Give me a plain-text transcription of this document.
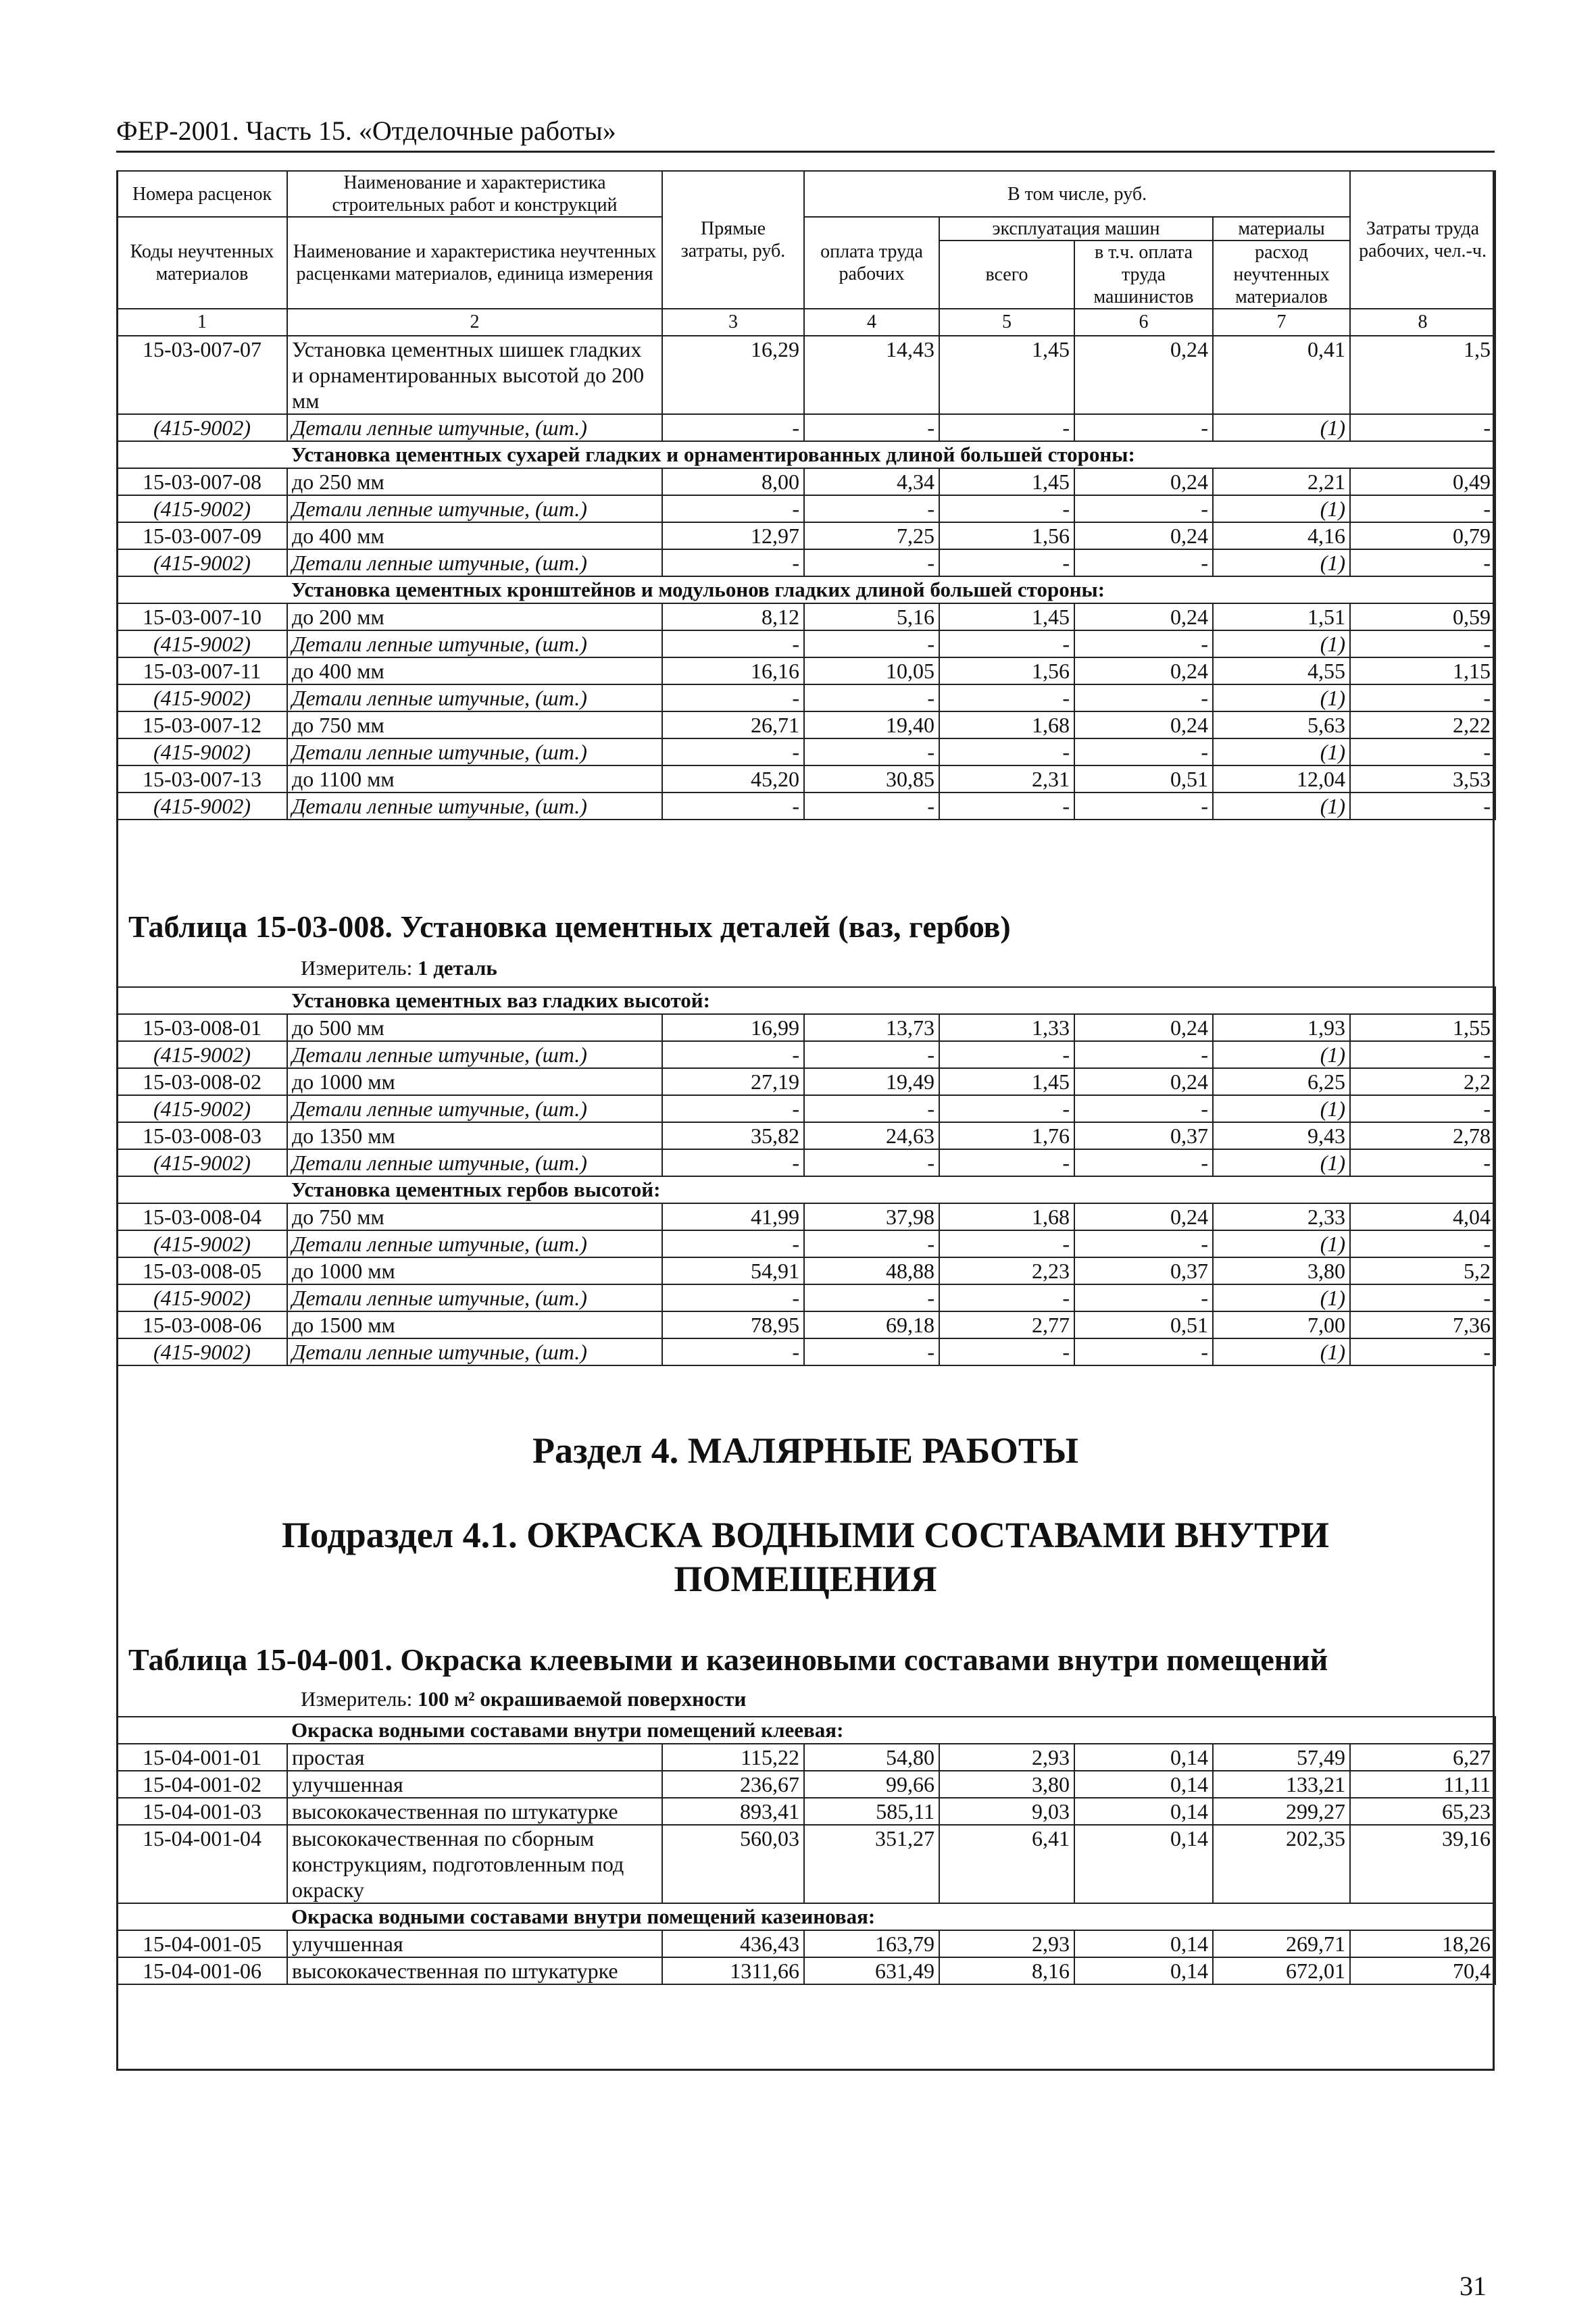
ФЕР-2001. Часть 15. «Отделочные работы»
Номера расценок	Наименование и характеристика строительных работ и конструкций	Прямые затраты, руб.	В том числе, руб.				Затраты труда рабочих, чел.-ч.
Коды неучтенных материалов	Наименование и характеристика неучтенных расценками материалов, единица измерения		оплата труда рабочих	эксплуатация машин		материалы	
				всего	в т.ч. оплата труда машинистов	расход неучтенных материалов	
1	2	3	4	5	6	7	8
15-03-007-07	Установка цементных шишек гладких и орнаментированных высотой до 200 мм	16,29	14,43	1,45	0,24	0,41	1,5
(415-9002)	Детали лепные штучные, (шт.)	-	-	-	-	(1)	-
	Установка цементных сухарей гладких и орнаментированных длиной большей стороны:						
15-03-007-08	до 250 мм	8,00	4,34	1,45	0,24	2,21	0,49
(415-9002)	Детали лепные штучные, (шт.)	-	-	-	-	(1)	-
15-03-007-09	до 400 мм	12,97	7,25	1,56	0,24	4,16	0,79
(415-9002)	Детали лепные штучные, (шт.)	-	-	-	-	(1)	-
	Установка цементных кронштейнов и модульонов гладких длиной большей стороны:						
15-03-007-10	до 200 мм	8,12	5,16	1,45	0,24	1,51	0,59
(415-9002)	Детали лепные штучные, (шт.)	-	-	-	-	(1)	-
15-03-007-11	до 400 мм	16,16	10,05	1,56	0,24	4,55	1,15
(415-9002)	Детали лепные штучные, (шт.)	-	-	-	-	(1)	-
15-03-007-12	до 750 мм	26,71	19,40	1,68	0,24	5,63	2,22
(415-9002)	Детали лепные штучные, (шт.)	-	-	-	-	(1)	-
15-03-007-13	до 1100 мм	45,20	30,85	2,31	0,51	12,04	3,53
(415-9002)	Детали лепные штучные, (шт.)	-	-	-	-	(1)	-
Таблица 15-03-008. Установка цементных деталей (ваз, гербов)
Измеритель: 1 деталь
	Установка цементных ваз гладких высотой:						
15-03-008-01	до 500 мм	16,99	13,73	1,33	0,24	1,93	1,55
(415-9002)	Детали лепные штучные, (шт.)	-	-	-	-	(1)	-
15-03-008-02	до 1000 мм	27,19	19,49	1,45	0,24	6,25	2,2
(415-9002)	Детали лепные штучные, (шт.)	-	-	-	-	(1)	-
15-03-008-03	до 1350 мм	35,82	24,63	1,76	0,37	9,43	2,78
(415-9002)	Детали лепные штучные, (шт.)	-	-	-	-	(1)	-
	Установка цементных гербов высотой:						
15-03-008-04	до 750 мм	41,99	37,98	1,68	0,24	2,33	4,04
(415-9002)	Детали лепные штучные, (шт.)	-	-	-	-	(1)	-
15-03-008-05	до 1000 мм	54,91	48,88	2,23	0,37	3,80	5,2
(415-9002)	Детали лепные штучные, (шт.)	-	-	-	-	(1)	-
15-03-008-06	до 1500 мм	78,95	69,18	2,77	0,51	7,00	7,36
(415-9002)	Детали лепные штучные, (шт.)	-	-	-	-	(1)	-
Раздел 4. МАЛЯРНЫЕ РАБОТЫ
Подраздел 4.1. ОКРАСКА ВОДНЫМИ СОСТАВАМИ ВНУТРИ
ПОМЕЩЕНИЯ
Таблица 15-04-001. Окраска клеевыми и казеиновыми составами внутри помещений
Измеритель: 100 м² окрашиваемой поверхности
	Окраска водными составами внутри помещений клеевая:						
15-04-001-01	простая	115,22	54,80	2,93	0,14	57,49	6,27
15-04-001-02	улучшенная	236,67	99,66	3,80	0,14	133,21	11,11
15-04-001-03	высококачественная по штукатурке	893,41	585,11	9,03	0,14	299,27	65,23
15-04-001-04	высококачественная по сборным конструкциям, подготовленным под окраску	560,03	351,27	6,41	0,14	202,35	39,16
	Окраска водными составами внутри помещений казеиновая:						
15-04-001-05	улучшенная	436,43	163,79	2,93	0,14	269,71	18,26
15-04-001-06	высококачественная по штукатурке	1311,66	631,49	8,16	0,14	672,01	70,4
31
